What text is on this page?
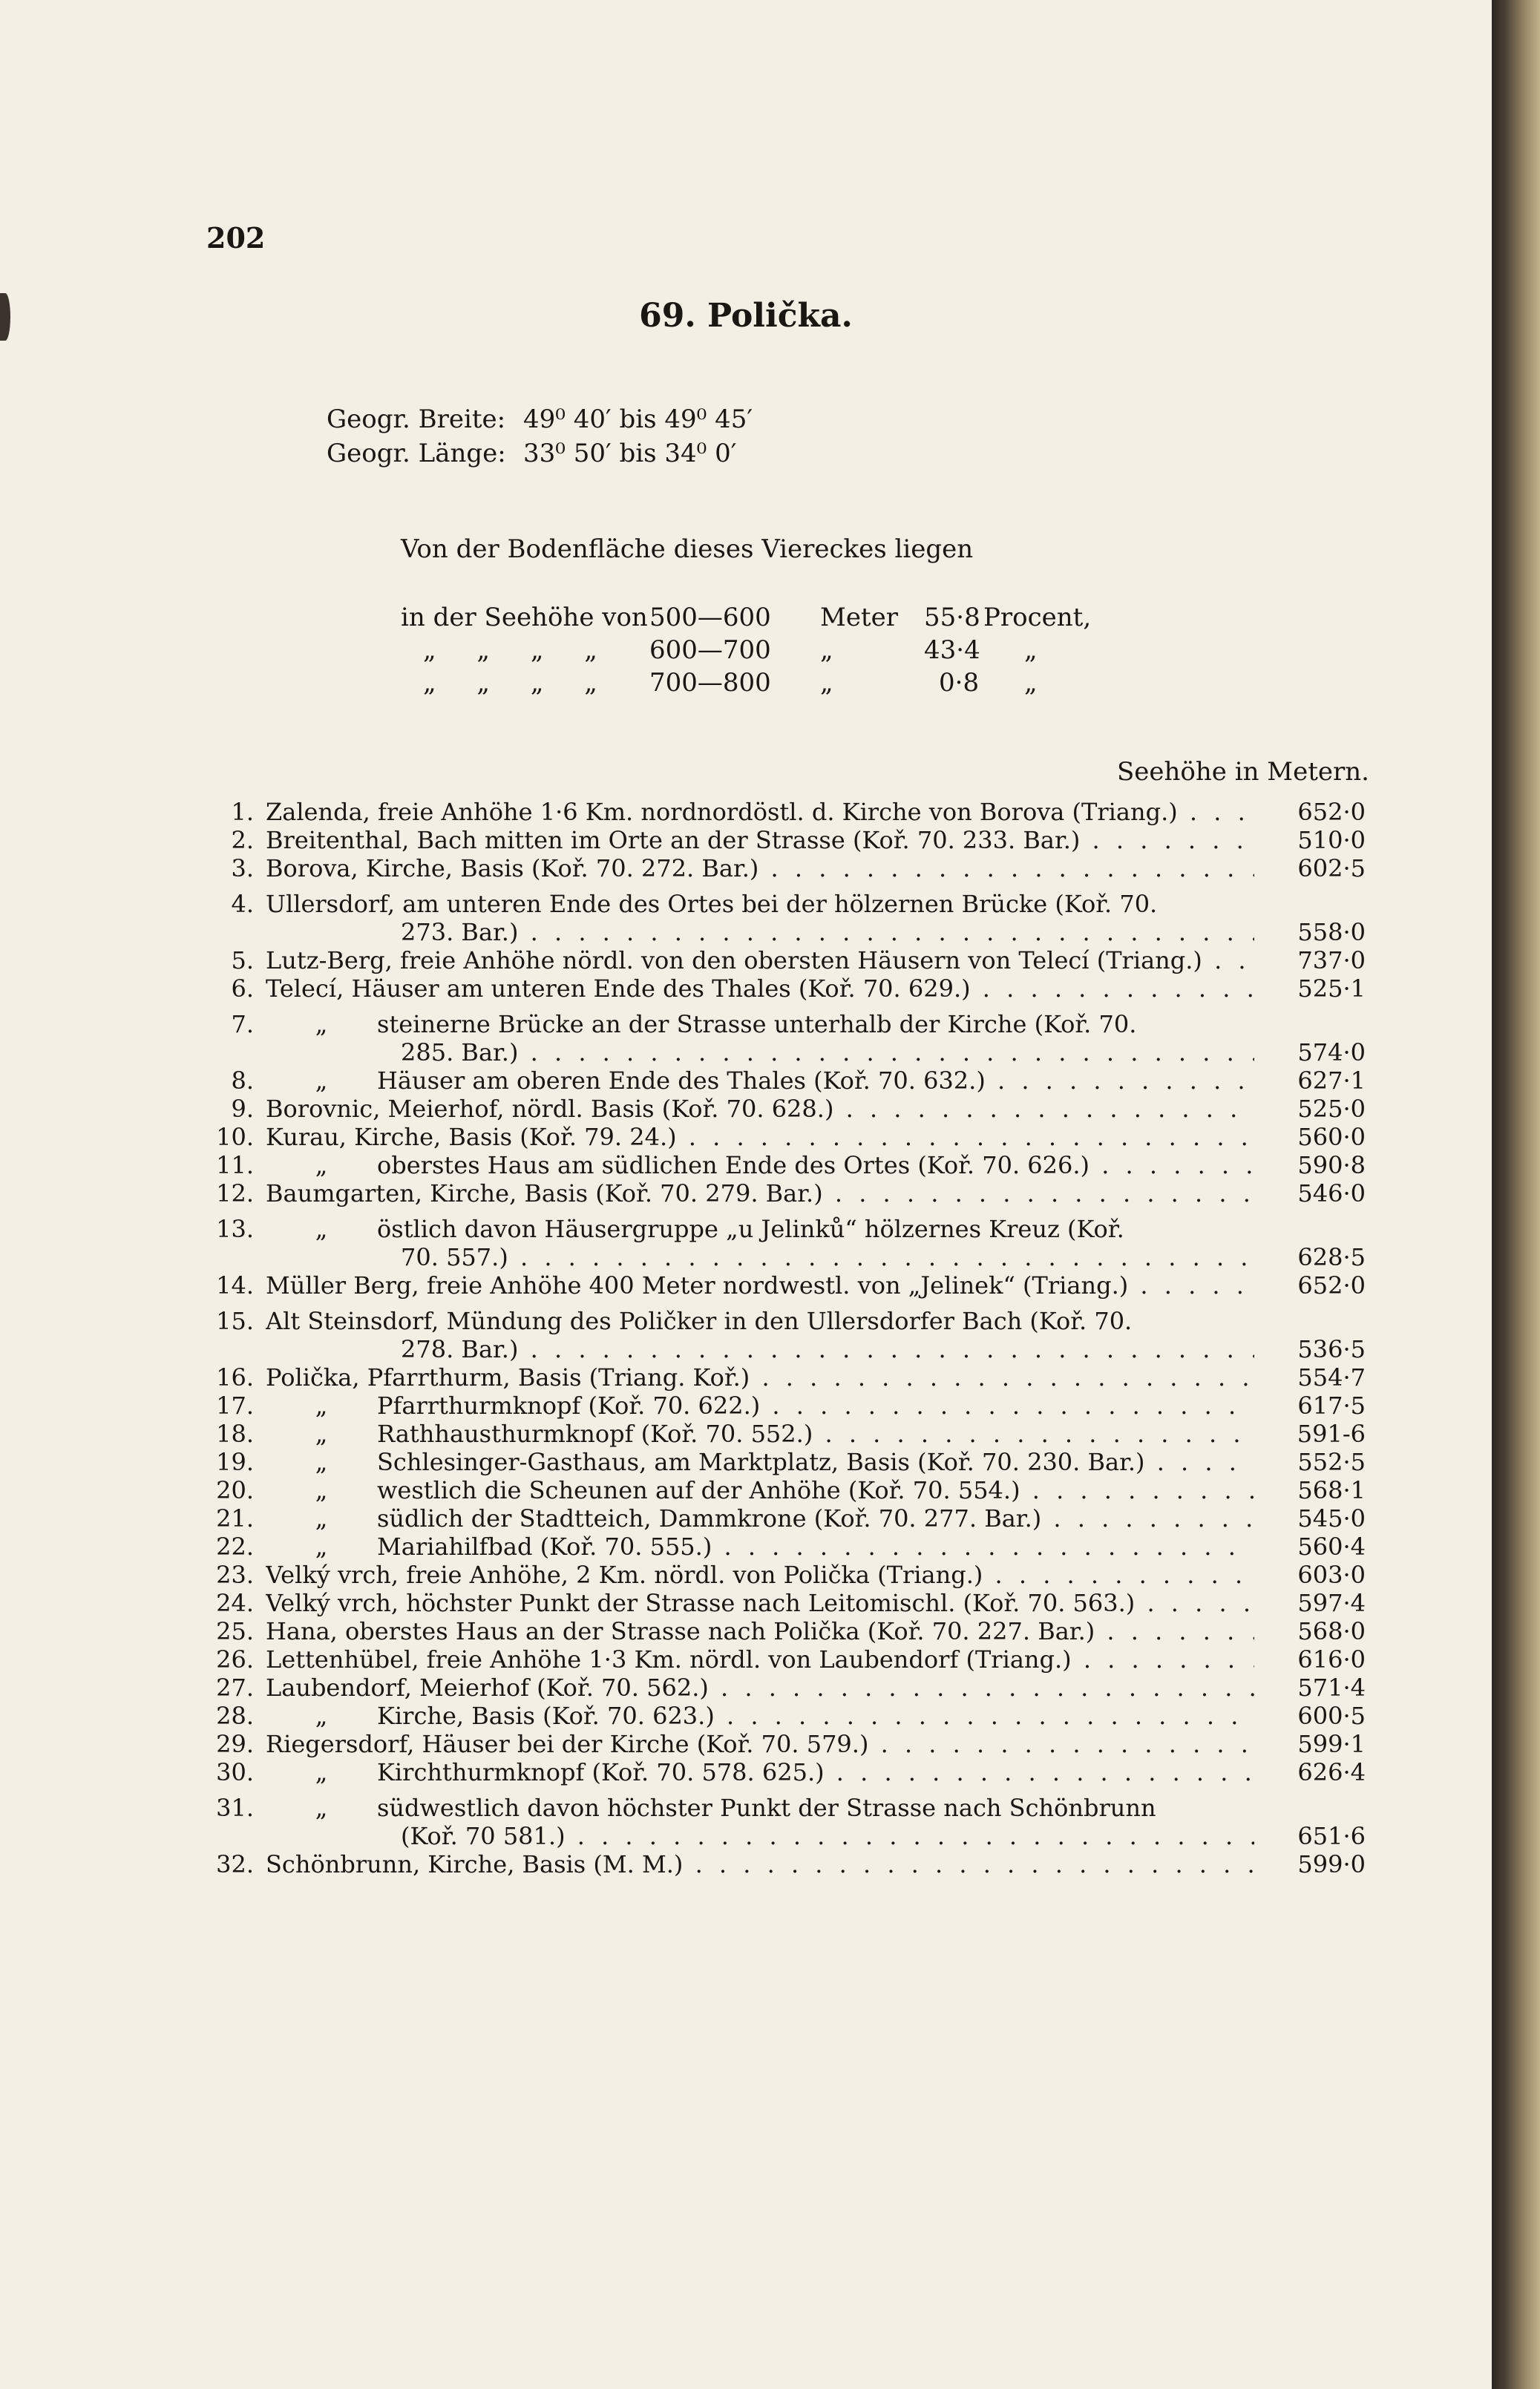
202
69. Polička.
Geogr. Breite: 49⁰ 40′ bis 49⁰ 45′
Geogr. Länge: 33⁰ 50′ bis 34⁰ 0′
Von der Bodenfläche dieses Viereckes liegen
in der Seehöhe von 500—600 Meter 55·8 Procent,
„ „ „ „ 600—700 „	43·4 „
„ „ „ „ 700—800 „	0·8 „
Seehöhe in Metern.
1. Zalenda, freie Anhöhe 1·6 Km. nordnordöstl. d. Kirche von Borova (Triang.) . . .	652·0
2. Breitenthal, Bach mitten im Orte an der Strasse (Koř. 70. 233. Bar.) . . .	510·0
3. Borova, Kirche, Basis (Koř. 70. 272. Bar.) . . .	602·5
4. Ullersdorf, am unteren Ende des Ortes bei der hölzernen Brücke (Koř. 70.
273. Bar.) . . .	558·0
5. Lutz-Berg, freie Anhöhe nördl. von den obersten Häusern von Telecí (Triang.) . . .	737·0
6. Telecí, Häuser am unteren Ende des Thales (Koř. 70. 629.) . . .	525·1
7.	„ steinerne Brücke an der Strasse unterhalb der Kirche (Koř. 70.
285. Bar.) . . .	574·0
8.	„ Häuser am oberen Ende des Thales (Koř. 70. 632.) . . .	627·1
9. Borovnic, Meierhof, nördl. Basis (Koř. 70. 628.) . . .	525·0
10. Kurau, Kirche, Basis (Koř. 79. 24.) . . .	560·0
11.	„ oberstes Haus am südlichen Ende des Ortes (Koř. 70. 626.) . . .	590·8
12. Baumgarten, Kirche, Basis (Koř. 70. 279. Bar.) . . .	546·0
13.	„ östlich davon Häusergruppe „u Jelinků“ hölzernes Kreuz (Koř.
70. 557.) . . .	628·5
14. Müller Berg, freie Anhöhe 400 Meter nordwestl. von „Jelinek“ (Triang.) . . .	652·0
15. Alt Steinsdorf, Mündung des Poličker in den Ullersdorfer Bach (Koř. 70.
278. Bar.) . . .	536·5
16. Polička, Pfarrthurm, Basis (Triang. Koř.) . . .	554·7
17.	„ Pfarrthurmknopf (Koř. 70. 622.) . . .	617·5
18.	„ Rathhausthurmknopf (Koř. 70. 552.) . . .	591-6
19.	„ Schlesinger-Gasthaus, am Marktplatz, Basis (Koř. 70. 230. Bar.) . . .	552·5
20.	„ westlich die Scheunen auf der Anhöhe (Koř. 70. 554.) . . .	568·1
21.	„ südlich der Stadtteich, Dammkrone (Koř. 70. 277. Bar.) . . .	545·0
22.	„ Mariahilfbad (Koř. 70. 555.) . . .	560·4
23. Velký vrch, freie Anhöhe, 2 Km. nördl. von Polička (Triang.) . . .	603·0
24. Velký vrch, höchster Punkt der Strasse nach Leitomischl. (Koř. 70. 563.) . . .	597·4
25. Hana, oberstes Haus an der Strasse nach Polička (Koř. 70. 227. Bar.) . . .	568·0
26. Lettenhübel, freie Anhöhe 1·3 Km. nördl. von Laubendorf (Triang.) . . .	616·0
27. Laubendorf, Meierhof (Koř. 70. 562.) . . .	571·4
28.	„ Kirche, Basis (Koř. 70. 623.) . . .	600·5
29. Riegersdorf, Häuser bei der Kirche (Koř. 70. 579.) . . .	599·1
30.	„ Kirchthurmknopf (Koř. 70. 578. 625.) . . .	626·4
31.	„ südwestlich davon höchster Punkt der Strasse nach Schönbrunn
(Koř. 70 581.) . . .	651·6
32. Schönbrunn, Kirche, Basis (M. M.) . . .	599·0
